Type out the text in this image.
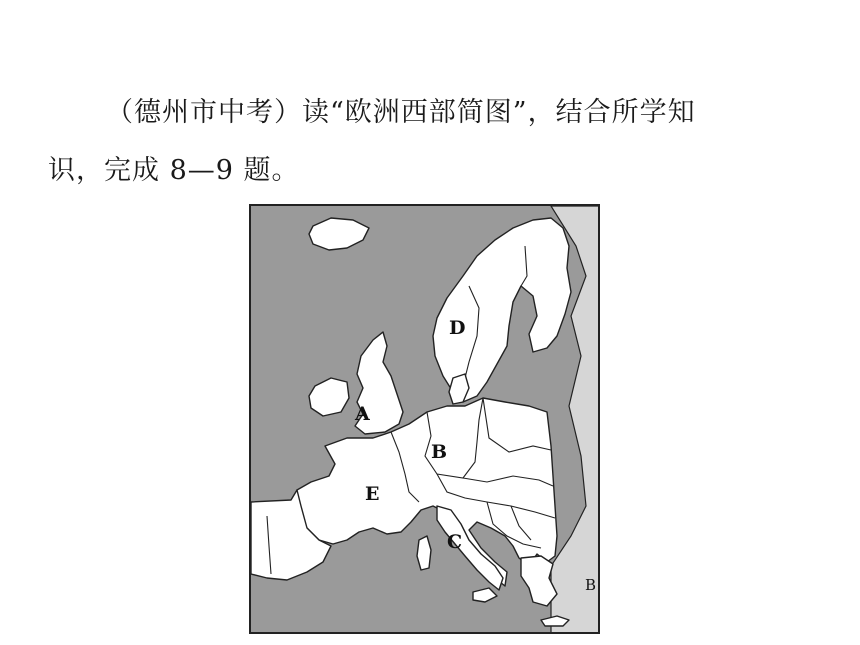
（德州市中考）读“欧洲西部简图”，结合所学知
识，完成 8—9 题。
A
B
C
D
E
B
